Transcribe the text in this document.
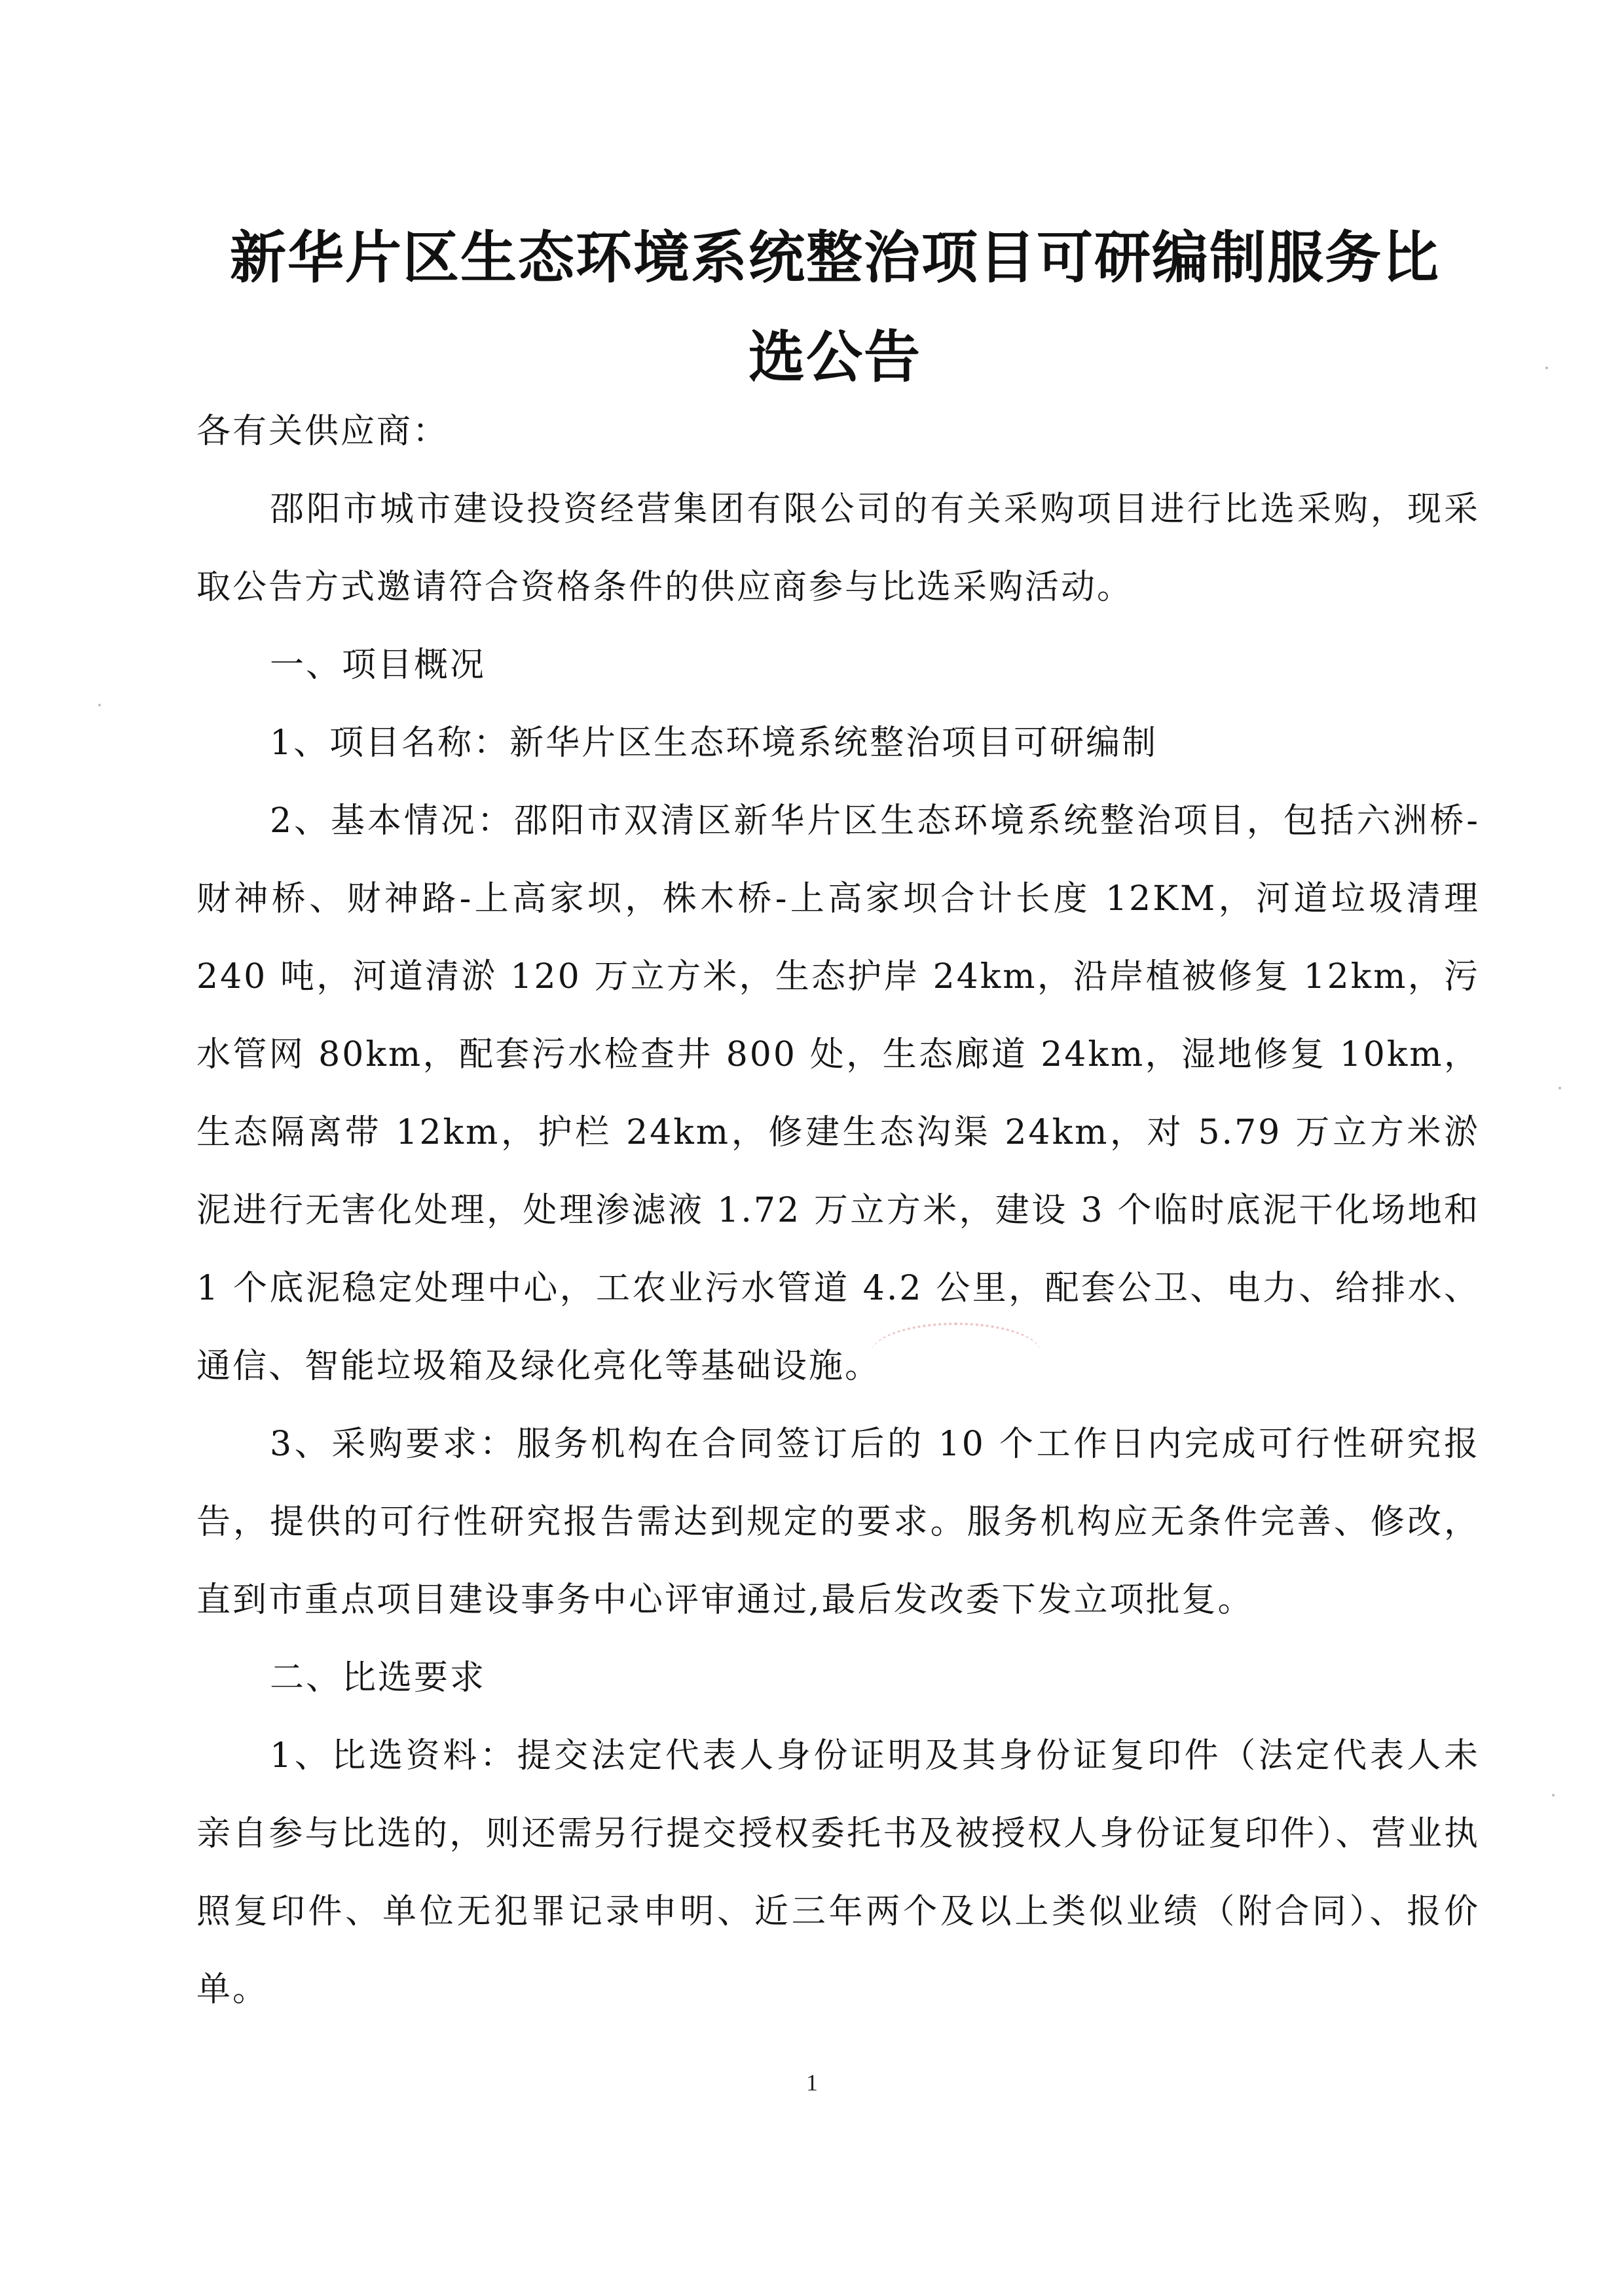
新华片区生态环境系统整治项目可研编制服务比
选公告

各有关供应商：

邵阳市城市建设投资经营集团有限公司的有关采购项目进行比选采购，现采取公告方式邀请符合资格条件的供应商参与比选采购活动。

一、项目概况

1、项目名称：新华片区生态环境系统整治项目可研编制

2、基本情况：邵阳市双清区新华片区生态环境系统整治项目，包括六洲桥-财神桥、财神路-上高家坝，株木桥-上高家坝合计长度 12KM，河道垃圾清理 240 吨，河道清淤 120 万立方米，生态护岸 24km，沿岸植被修复 12km，污水管网 80km，配套污水检查井 800 处，生态廊道 24km，湿地修复 10km，生态隔离带 12km，护栏 24km，修建生态沟渠 24km，对 5.79 万立方米淤泥进行无害化处理，处理渗滤液 1.72 万立方米，建设 3 个临时底泥干化场地和 1 个底泥稳定处理中心，工农业污水管道 4.2 公里，配套公卫、电力、给排水、通信、智能垃圾箱及绿化亮化等基础设施。

3、采购要求：服务机构在合同签订后的 10 个工作日内完成可行性研究报告，提供的可行性研究报告需达到规定的要求。服务机构应无条件完善、修改，直到市重点项目建设事务中心评审通过,最后发改委下发立项批复。

二、比选要求

1、比选资料：提交法定代表人身份证明及其身份证复印件（法定代表人未亲自参与比选的，则还需另行提交授权委托书及被授权人身份证复印件）、营业执照复印件、单位无犯罪记录申明、近三年两个及以上类似业绩（附合同）、报价单。

1
